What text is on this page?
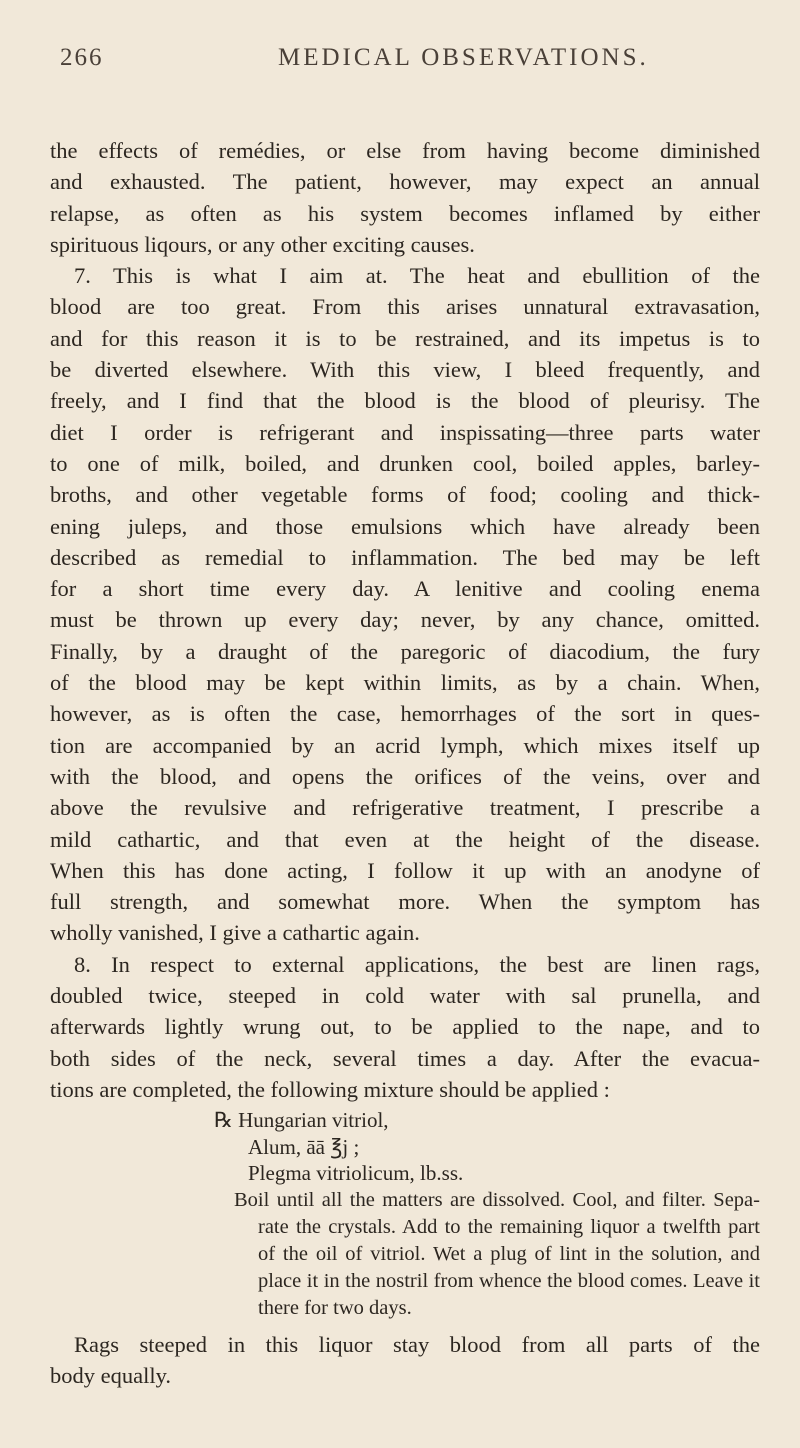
266	MEDICAL OBSERVATIONS.
the effects of remédies, or else from having become diminished
and exhausted. The patient, however, may expect an annual
relapse, as often as his system becomes inflamed by either
spirituous liqours, or any other exciting causes.
7. This is what I aim at. The heat and ebullition of the
blood are too great. From this arises unnatural extravasation,
and for this reason it is to be restrained, and its impetus is to
be diverted elsewhere. With this view, I bleed frequently, and
freely, and I find that the blood is the blood of pleurisy. The
diet I order is refrigerant and inspissating—three parts water
to one of milk, boiled, and drunken cool, boiled apples, barley-
broths, and other vegetable forms of food; cooling and thick-
ening juleps, and those emulsions which have already been
described as remedial to inflammation. The bed may be left
for a short time every day. A lenitive and cooling enema
must be thrown up every day; never, by any chance, omitted.
Finally, by a draught of the paregoric of diacodium, the fury
of the blood may be kept within limits, as by a chain. When,
however, as is often the case, hemorrhages of the sort in ques-
tion are accompanied by an acrid lymph, which mixes itself up
with the blood, and opens the orifices of the veins, over and
above the revulsive and refrigerative treatment, I prescribe a
mild cathartic, and that even at the height of the disease.
When this has done acting, I follow it up with an anodyne of
full strength, and somewhat more. When the symptom has
wholly vanished, I give a cathartic again.
8. In respect to external applications, the best are linen rags,
doubled twice, steeped in cold water with sal prunella, and
afterwards lightly wrung out, to be applied to the nape, and to
both sides of the neck, several times a day. After the evacua-
tions are completed, the following mixture should be applied :
℞ Hungarian vitriol,
Alum, āā ℥j ;
Plegma vitriolicum, lb.ss.
Boil until all the matters are dissolved. Cool, and filter. Sepa-
rate the crystals. Add to the remaining liquor a twelfth part
of the oil of vitriol. Wet a plug of lint in the solution, and
place it in the nostril from whence the blood comes. Leave it
there for two days.
Rags steeped in this liquor stay blood from all parts of the
body equally.
